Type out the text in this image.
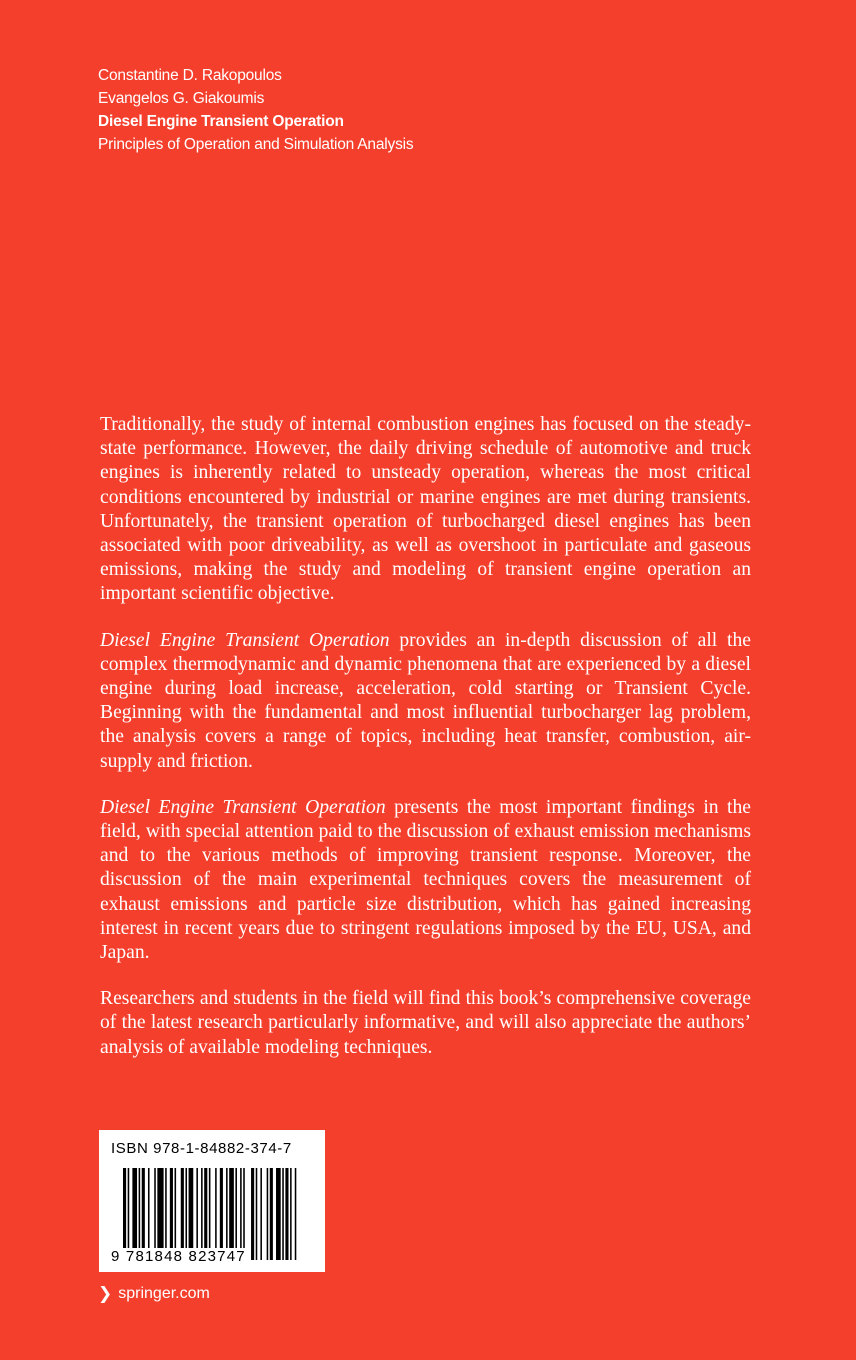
Constantine D. Rakopoulos
Evangelos G. Giakoumis
Diesel Engine Transient Operation
Principles of Operation and Simulation Analysis

Traditionally, the study of internal combustion engines has focused on the steady-state performance. However, the daily driving schedule of automotive and truck engines is inherently related to unsteady operation, whereas the most critical conditions encountered by industrial or marine engines are met during transients. Unfortunately, the transient operation of turbocharged diesel engines has been associated with poor driveability, as well as overshoot in particulate and gaseous emissions, making the study and modeling of transient engine operation an important scientific objective.

Diesel Engine Transient Operation provides an in-depth discussion of all the complex thermodynamic and dynamic phenomena that are experienced by a diesel engine during load increase, acceleration, cold starting or Transient Cycle. Beginning with the fundamental and most influential turbocharger lag problem, the analysis covers a range of topics, including heat transfer, combustion, air-supply and friction.

Diesel Engine Transient Operation presents the most important findings in the field, with special attention paid to the discussion of exhaust emission mechanisms and to the various methods of improving transient response. Moreover, the discussion of the main experimental techniques covers the measurement of exhaust emissions and particle size distribution, which has gained increasing interest in recent years due to stringent regulations imposed by the EU, USA, and Japan.

Researchers and students in the field will find this book’s comprehensive coverage of the latest research particularly informative, and will also appreciate the authors’ analysis of available modeling techniques.

ISBN 978-1-84882-374-7
9 781848 823747
❯ springer.com
